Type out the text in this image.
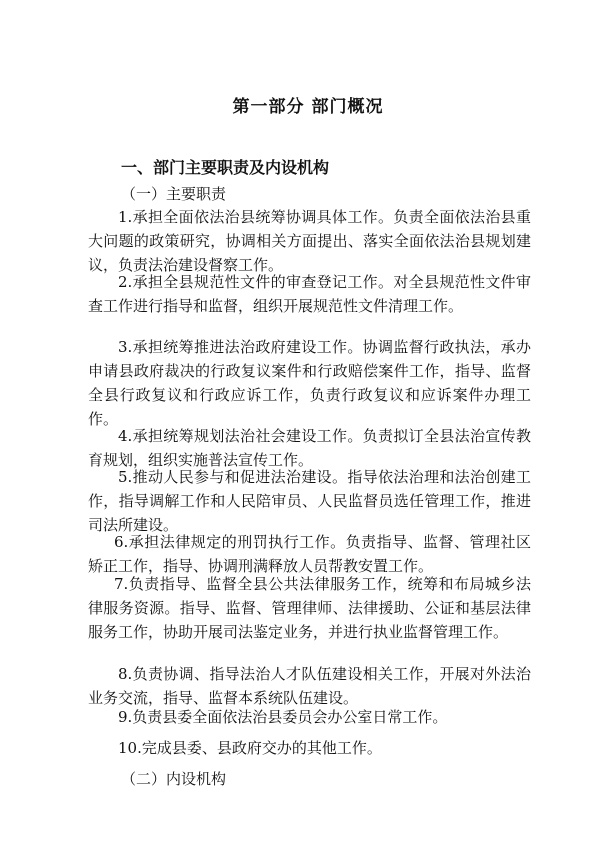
第一部分 部门概况
一、部门主要职责及内设机构
（一）主要职责

1.承担全面依法治县统筹协调具体工作。负责全面依法治县重大问题的政策研究，协调相关方面提出、落实全面依法治县规划建议，负责法治建设督察工作。

2.承担全县规范性文件的审查登记工作。对全县规范性文件审查工作进行指导和监督，组织开展规范性文件清理工作。

3.承担统筹推进法治政府建设工作。协调监督行政执法，承办申请县政府裁决的行政复议案件和行政赔偿案件工作，指导、监督全县行政复议和行政应诉工作，负责行政复议和应诉案件办理工作。

4.承担统筹规划法治社会建设工作。负责拟订全县法治宣传教育规划，组织实施普法宣传工作。

5.推动人民参与和促进法治建设。指导依法治理和法治创建工作，指导调解工作和人民陪审员、人民监督员选任管理工作，推进司法所建设。

6.承担法律规定的刑罚执行工作。负责指导、监督、管理社区矫正工作，指导、协调刑满释放人员帮教安置工作。

7.负责指导、监督全县公共法律服务工作，统筹和布局城乡法律服务资源。指导、监督、管理律师、法律援助、公证和基层法律服务工作，协助开展司法鉴定业务，并进行执业监督管理工作。

8.负责协调、指导法治人才队伍建设相关工作，开展对外法治业务交流，指导、监督本系统队伍建设。

9.负责县委全面依法治县委员会办公室日常工作。

10.完成县委、县政府交办的其他工作。

（二）内设机构
